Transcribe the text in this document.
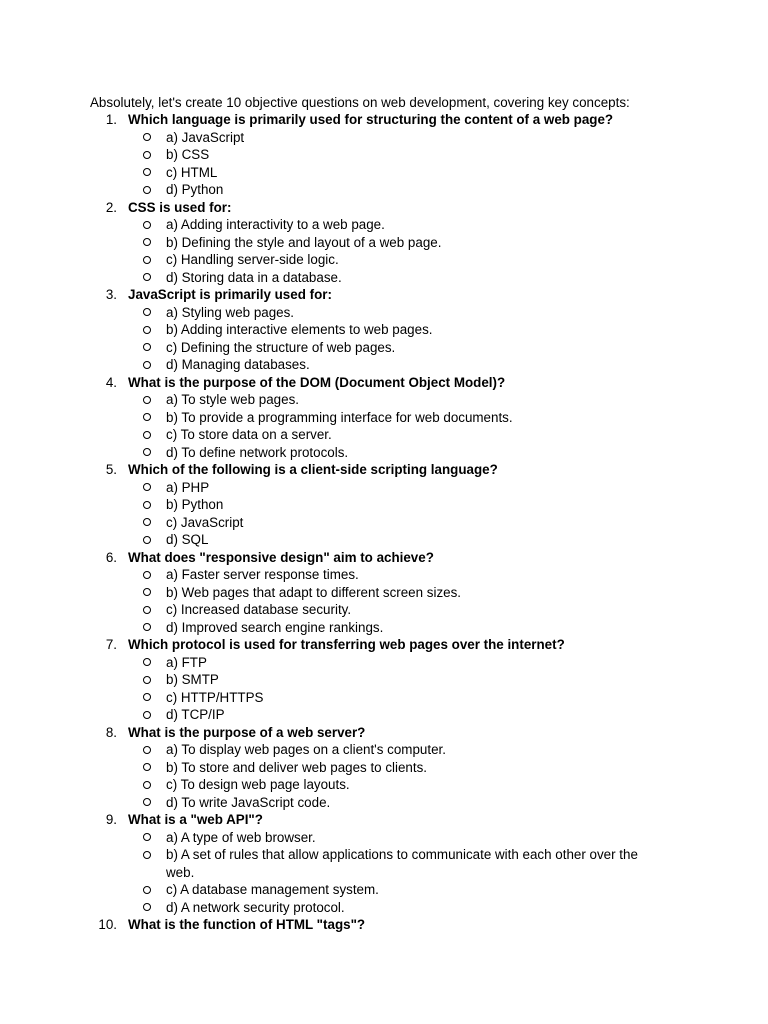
Absolutely, let's create 10 objective questions on web development, covering key concepts:
1. Which language is primarily used for structuring the content of a web page?
a) JavaScript
b) CSS
c) HTML
d) Python
2. CSS is used for:
a) Adding interactivity to a web page.
b) Defining the style and layout of a web page.
c) Handling server-side logic.
d) Storing data in a database.
3. JavaScript is primarily used for:
a) Styling web pages.
b) Adding interactive elements to web pages.
c) Defining the structure of web pages.
d) Managing databases.
4. What is the purpose of the DOM (Document Object Model)?
a) To style web pages.
b) To provide a programming interface for web documents.
c) To store data on a server.
d) To define network protocols.
5. Which of the following is a client-side scripting language?
a) PHP
b) Python
c) JavaScript
d) SQL
6. What does "responsive design" aim to achieve?
a) Faster server response times.
b) Web pages that adapt to different screen sizes.
c) Increased database security.
d) Improved search engine rankings.
7. Which protocol is used for transferring web pages over the internet?
a) FTP
b) SMTP
c) HTTP/HTTPS
d) TCP/IP
8. What is the purpose of a web server?
a) To display web pages on a client's computer.
b) To store and deliver web pages to clients.
c) To design web page layouts.
d) To write JavaScript code.
9. What is a "web API"?
a) A type of web browser.
b) A set of rules that allow applications to communicate with each other over the web.
c) A database management system.
d) A network security protocol.
10. What is the function of HTML "tags"?
